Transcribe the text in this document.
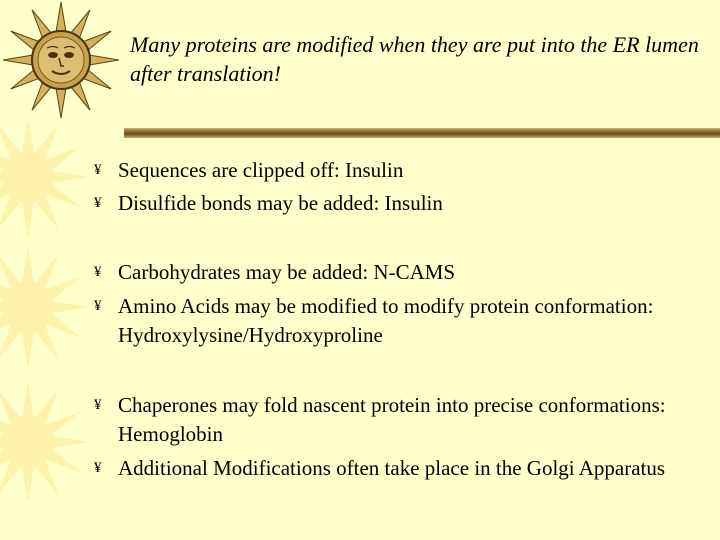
Many proteins are modified when they are put into the ER lumen after translation!
¥ Sequences are clipped off: Insulin
¥ Disulfide bonds may be added: Insulin
¥ Carbohydrates may be added: N-CAMS
¥ Amino Acids may be modified to modify protein conformation: Hydroxylysine/Hydroxyproline
¥ Chaperones may fold nascent protein into precise conformations: Hemoglobin
¥ Additional Modifications often take place in the Golgi Apparatus
